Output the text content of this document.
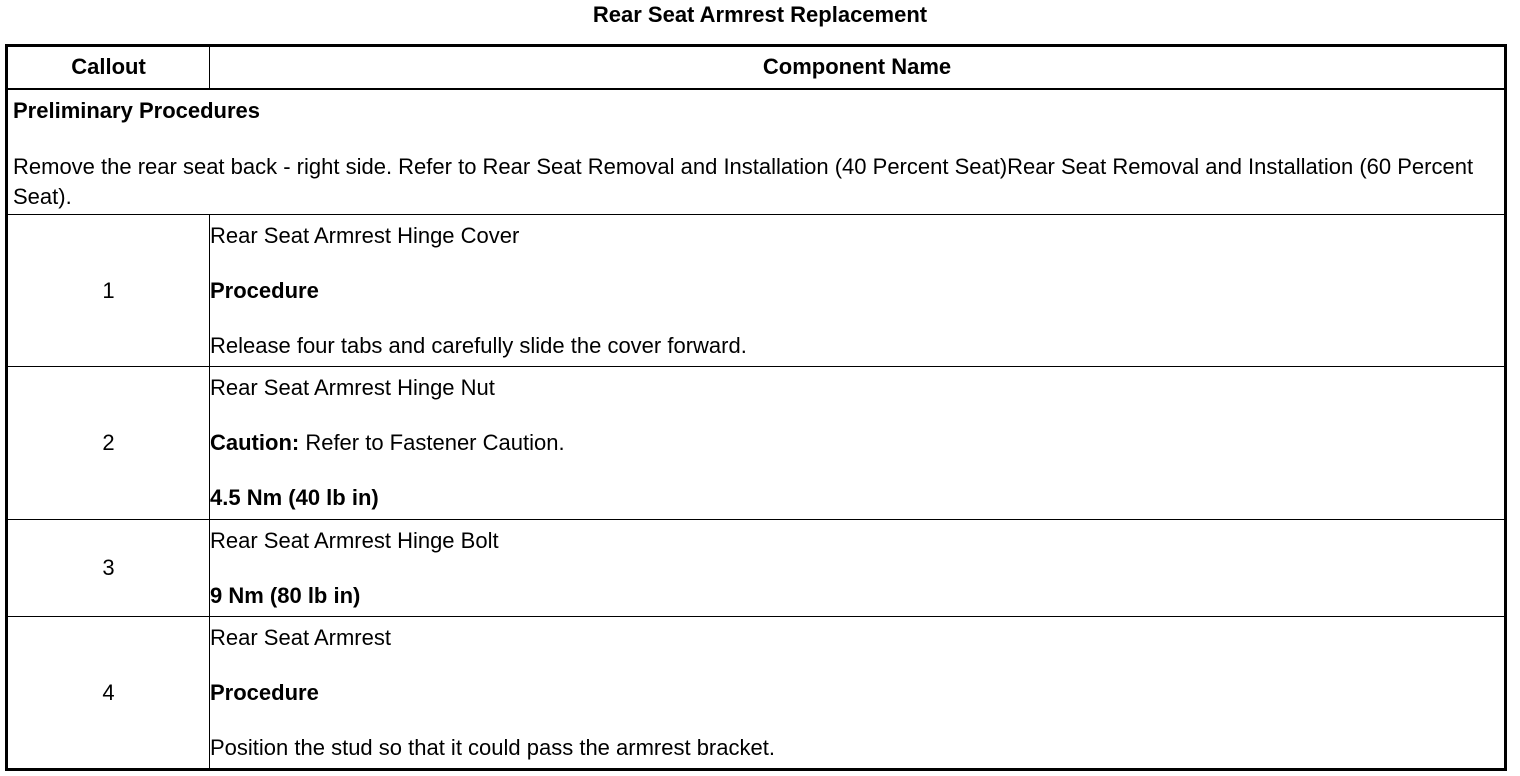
Rear Seat Armrest Replacement
Callout	Component Name

Preliminary Procedures

Remove the rear seat back - right side. Refer to Rear Seat Removal and Installation (40 Percent Seat)Rear Seat Removal and Installation (60 Percent Seat).	

1	Rear Seat Armrest Hinge Cover

Procedure

Release four tabs and carefully slide the cover forward.

2	Rear Seat Armrest Hinge Nut

Caution: Refer to Fastener Caution.

4.5 Nm (40 lb in)

3	Rear Seat Armrest Hinge Bolt

9 Nm (80 lb in)

4	Rear Seat Armrest

Procedure

Position the stud so that it could pass the armrest bracket.
